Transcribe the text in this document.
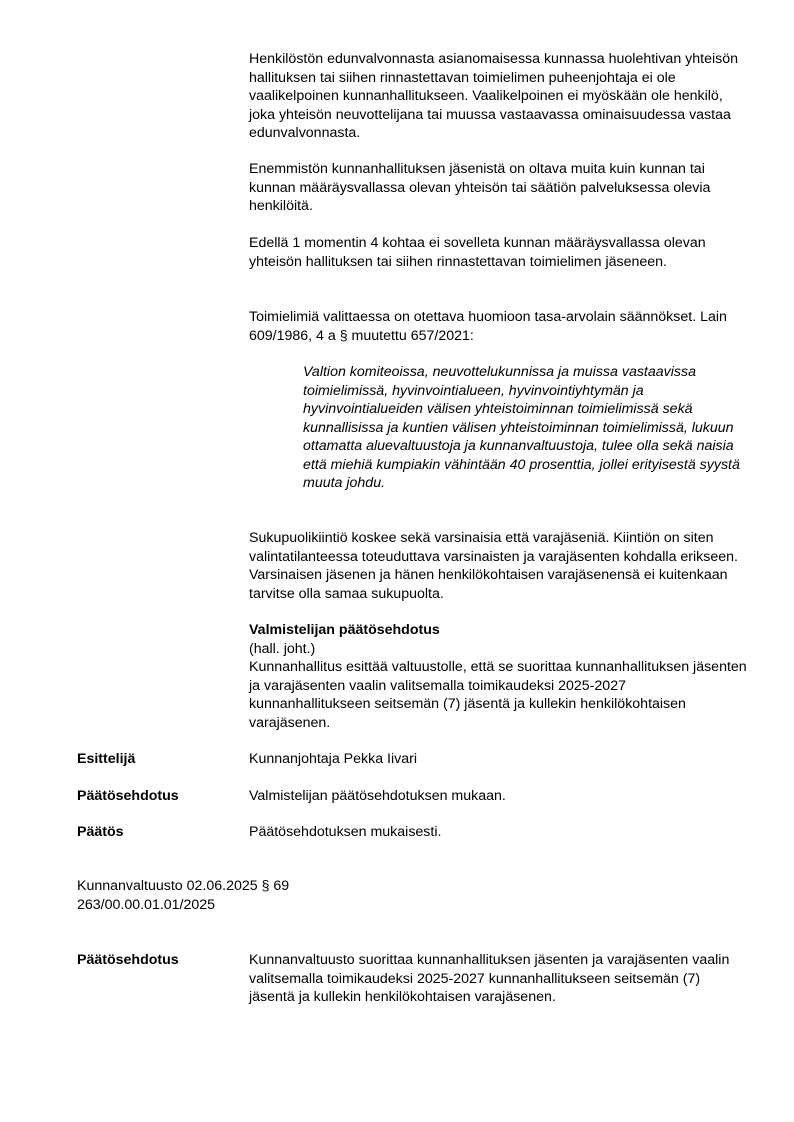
Henkilöstön edunvalvonnasta asianomaisessa kunnassa huolehtivan yhteisön hallituksen tai siihen rinnastettavan toimielimen puheenjohtaja ei ole vaalikelpoinen kunnanhallitukseen. Vaalikelpoinen ei myöskään ole henkilö, joka yhteisön neuvottelijana tai muussa vastaavassa ominaisuudessa vastaa edunvalvonnasta.

Enemmistön kunnanhallituksen jäsenistä on oltava muita kuin kunnan tai kunnan määräysvallassa olevan yhteisön tai säätiön palveluksessa olevia henkilöitä.

Edellä 1 momentin 4 kohtaa ei sovelleta kunnan määräysvallassa olevan yhteisön hallituksen tai siihen rinnastettavan toimielimen jäseneen.

Toimielimiä valittaessa on otettava huomioon tasa-arvolain säännökset. Lain 609/1986, 4 a § muutettu 657/2021:

Valtion komiteoissa, neuvottelukunnissa ja muissa vastaavissa toimielimissä, hyvinvointialueen, hyvinvointiyhtymän ja hyvinvointialueiden välisen yhteistoiminnan toimielimissä sekä kunnallisissa ja kuntien välisen yhteistoiminnan toimielimissä, lukuun ottamatta aluevaltuustoja ja kunnanvaltuustoja, tulee olla sekä naisia että miehiä kumpiakin vähintään 40 prosenttia, jollei erityisestä syystä muuta johdu.

Sukupuolikiintiö koskee sekä varsinaisia että varajäseniä. Kiintiön on siten valintatilanteessa toteuduttava varsinaisten ja varajäsenten kohdalla erikseen. Varsinaisen jäsenen ja hänen henkilökohtaisen varajäsenensä ei kuitenkaan tarvitse olla samaa sukupuolta.

Valmistelijan päätösehdotus

(hall. joht.)

Kunnanhallitus esittää valtuustolle, että se suorittaa kunnanhallituksen jäsenten ja varajäsenten vaalin valitsemalla toimikaudeksi 2025-2027 kunnanhallitukseen seitsemän (7) jäsentä ja kullekin henkilökohtaisen varajäsenen.

Esittelijä	Kunnanjohtaja Pekka Iivari

Päätösehdotus	Valmistelijan päätösehdotuksen mukaan.

Päätös	Päätösehdotuksen mukaisesti.

Kunnanvaltuusto 02.06.2025 § 69

263/00.00.01.01/2025

Päätösehdotus	Kunnanvaltuusto suorittaa kunnanhallituksen jäsenten ja varajäsenten vaalin valitsemalla toimikaudeksi 2025-2027 kunnanhallitukseen seitsemän (7) jäsentä ja kullekin henkilökohtaisen varajäsenen.
